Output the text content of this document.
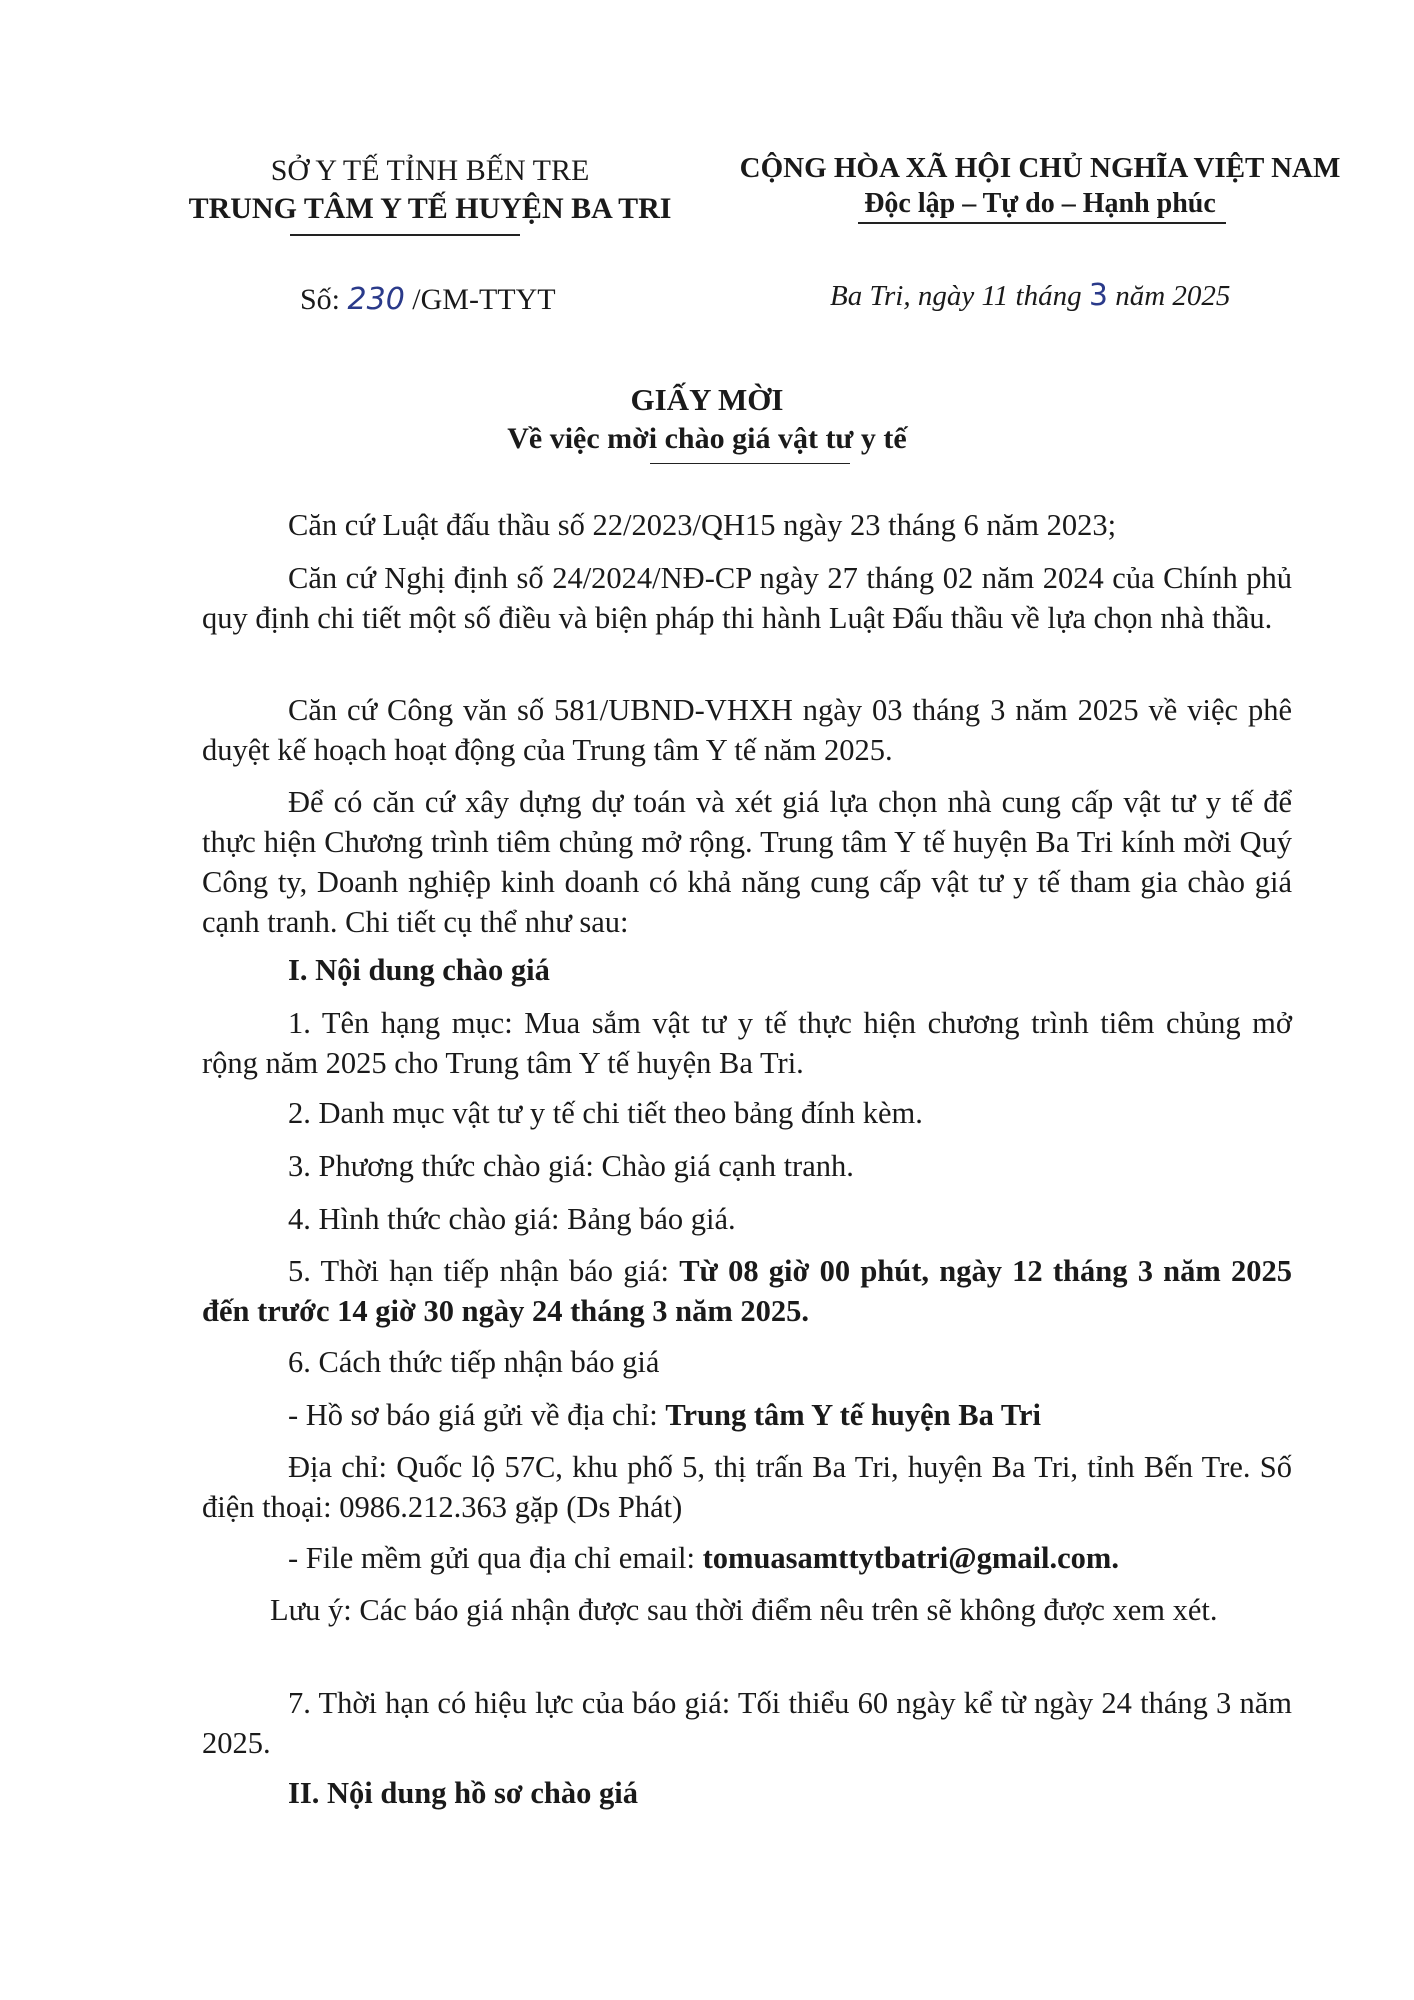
SỞ Y TẾ TỈNH BẾN TRE
TRUNG TÂM Y TẾ HUYỆN BA TRI
CỘNG HÒA XÃ HỘI CHỦ NGHĨA VIỆT NAM
Độc lập – Tự do – Hạnh phúc
Số: 230 /GM-TTYT	Ba Tri, ngày 11 tháng 3 năm 2025
GIẤY MỜI
Về việc mời chào giá vật tư y tế

Căn cứ Luật đấu thầu số 22/2023/QH15 ngày 23 tháng 6 năm 2023;

Căn cứ Nghị định số 24/2024/NĐ-CP ngày 27 tháng 02 năm 2024 của Chính phủ quy định chi tiết một số điều và biện pháp thi hành Luật Đấu thầu về lựa chọn nhà thầu.

Căn cứ Công văn số 581/UBND-VHXH ngày 03 tháng 3 năm 2025 về việc phê duyệt kế hoạch hoạt động của Trung tâm Y tế năm 2025.

Để có căn cứ xây dựng dự toán và xét giá lựa chọn nhà cung cấp vật tư y tế để thực hiện Chương trình tiêm chủng mở rộng. Trung tâm Y tế huyện Ba Tri kính mời Quý Công ty, Doanh nghiệp kinh doanh có khả năng cung cấp vật tư y tế tham gia chào giá cạnh tranh. Chi tiết cụ thể như sau:

I. Nội dung chào giá

1. Tên hạng mục: Mua sắm vật tư y tế thực hiện chương trình tiêm chủng mở rộng năm 2025 cho Trung tâm Y tế huyện Ba Tri.

2. Danh mục vật tư y tế chi tiết theo bảng đính kèm.
3. Phương thức chào giá: Chào giá cạnh tranh.
4. Hình thức chào giá: Bảng báo giá.

5. Thời hạn tiếp nhận báo giá: Từ 08 giờ 00 phút, ngày 12 tháng 3 năm 2025 đến trước 14 giờ 30 ngày 24 tháng 3 năm 2025.

6. Cách thức tiếp nhận báo giá
- Hồ sơ báo giá gửi về địa chỉ: Trung tâm Y tế huyện Ba Tri

Địa chỉ: Quốc lộ 57C, khu phố 5, thị trấn Ba Tri, huyện Ba Tri, tỉnh Bến Tre. Số điện thoại: 0986.212.363 gặp (Ds Phát)

- File mềm gửi qua địa chỉ email: tomuasamttytbatri@gmail.com.

Lưu ý: Các báo giá nhận được sau thời điểm nêu trên sẽ không được xem xét.

7. Thời hạn có hiệu lực của báo giá: Tối thiểu 60 ngày kể từ ngày 24 tháng 3 năm 2025.

II. Nội dung hồ sơ chào giá
